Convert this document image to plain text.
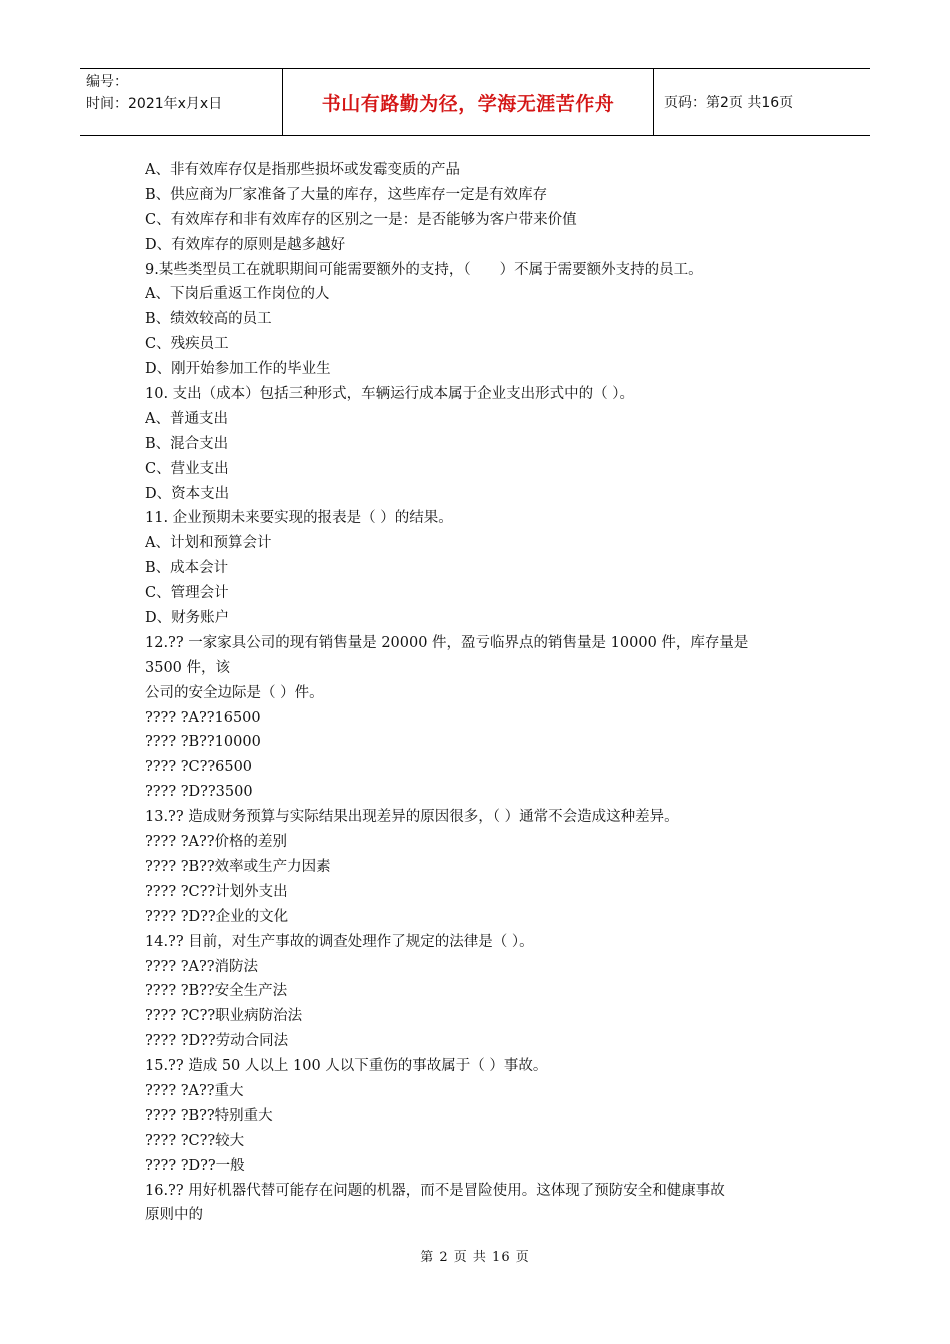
编号：
时间：2021年x月x日	书山有路勤为径，学海无涯苦作舟	页码：第2页 共16页
A、非有效库存仅是指那些损坏或发霉变质的产品
B、供应商为厂家准备了大量的库存，这些库存一定是有效库存
C、有效库存和非有效库存的区别之一是：是否能够为客户带来价值
D、有效库存的原则是越多越好
9.某些类型员工在就职期间可能需要额外的支持，（　　）不属于需要额外支持的员工。
A、下岗后重返工作岗位的人
B、绩效较高的员工
C、残疾员工
D、刚开始参加工作的毕业生
10. 支出（成本）包括三种形式，车辆运行成本属于企业支出形式中的（ ）。
A、普通支出
B、混合支出
C、营业支出
D、资本支出
11. 企业预期未来要实现的报表是（ ）的结果。
A、计划和预算会计
B、成本会计
C、管理会计
D、财务账户
12.?? 一家家具公司的现有销售量是 20000 件，盈亏临界点的销售量是 10000 件，库存量是
3500 件，该
公司的安全边际是（ ）件。
???? ?A??16500
???? ?B??10000
???? ?C??6500
???? ?D??3500
13.?? 造成财务预算与实际结果出现差异的原因很多，（ ）通常不会造成这种差异。
???? ?A??价格的差别
???? ?B??效率或生产力因素
???? ?C??计划外支出
???? ?D??企业的文化
14.?? 目前，对生产事故的调查处理作了规定的法律是（ ）。
???? ?A??消防法
???? ?B??安全生产法
???? ?C??职业病防治法
???? ?D??劳动合同法
15.?? 造成 50 人以上 100 人以下重伤的事故属于（ ）事故。
???? ?A??重大
???? ?B??特别重大
???? ?C??较大
???? ?D??一般
16.?? 用好机器代替可能存在问题的机器，而不是冒险使用。这体现了预防安全和健康事故
原则中的
第 2 页 共 16 页
